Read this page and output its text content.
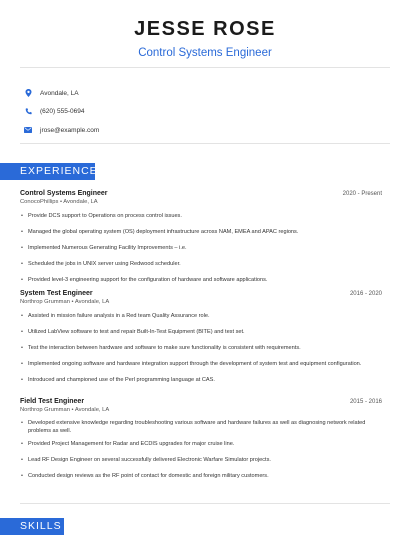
JESSE ROSE
Control Systems Engineer
Avondale, LA
(620) 555-0694
jrose@example.com
EXPERIENCE
Control Systems Engineer	2020 - Present
ConocoPhillips • Avondale, LA
• Provide DCS support to Operations on process control issues.
• Managed the global operating system (OS) deployment infrastructure across NAM, EMEA and APAC regions.
• Implemented Numerous Generating Facility Improvements – i.e.
• Scheduled the jobs in UNIX server using Redwood scheduler.
• Provided level-3 engineering support for the configuration of hardware and software applications.
System Test Engineer	2016 - 2020
Northrop Grumman • Avondale, LA
• Assisted in mission failure analysis in a Red team Quality Assurance role.
• Utilized LabView software to test and repair Built-In-Test Equipment (BITE) and test set.
• Test the interaction between hardware and software to make sure functionality is consistent with requirements.
• Implemented ongoing software and hardware integration support through the development of system test and equipment configuration.
• Introduced and championed use of the Perl programming language at CAS.
Field Test Engineer	2015 - 2016
Northrop Grumman • Avondale, LA
• Developed extensive knowledge regarding troubleshooting various software and hardware failures as well as diagnosing network related problems as well.
• Provided Project Management for Radar and ECDIS upgrades for major cruise line.
• Lead RF Design Engineer on several successfully delivered Electronic Warfare Simulator projects.
• Conducted design reviews as the RF point of contact for domestic and foreign military customers.
SKILLS
